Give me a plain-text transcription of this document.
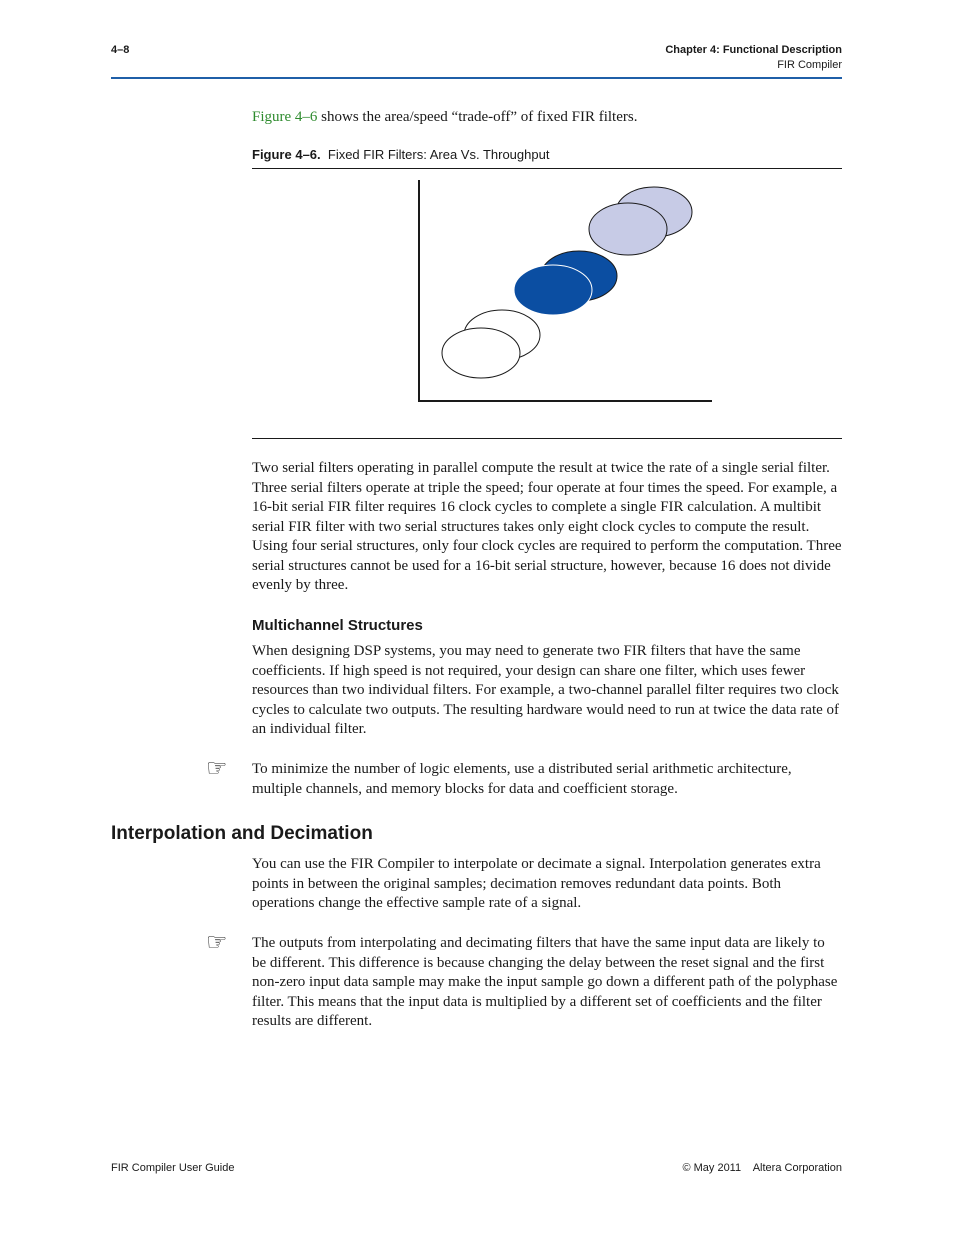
4–8	Chapter 4: Functional Description
FIR Compiler
Figure 4–6 shows the area/speed “trade-off” of fixed FIR filters.
Figure 4–6. Fixed FIR Filters: Area Vs. Throughput
Two serial filters operating in parallel compute the result at twice the rate of a single serial filter. Three serial filters operate at triple the speed; four operate at four times the speed. For example, a 16-bit serial FIR filter requires 16 clock cycles to complete a single FIR calculation. A multibit serial FIR filter with two serial structures takes only eight clock cycles to compute the result. Using four serial structures, only four clock cycles are required to perform the computation. Three serial structures cannot be used for a 16-bit serial structure, however, because 16 does not divide evenly by three.
Multichannel Structures
When designing DSP systems, you may need to generate two FIR filters that have the same coefficients. If high speed is not required, your design can share one filter, which uses fewer resources than two individual filters. For example, a two-channel parallel filter requires two clock cycles to calculate two outputs. The resulting hardware would need to run at twice the data rate of an individual filter.
☞ To minimize the number of logic elements, use a distributed serial arithmetic architecture, multiple channels, and memory blocks for data and coefficient storage.
Interpolation and Decimation
You can use the FIR Compiler to interpolate or decimate a signal. Interpolation generates extra points in between the original samples; decimation removes redundant data points. Both operations change the effective sample rate of a signal.
☞ The outputs from interpolating and decimating filters that have the same input data are likely to be different. This difference is because changing the delay between the reset signal and the first non-zero input data sample may make the input sample go down a different path of the polyphase filter. This means that the input data is multiplied by a different set of coefficients and the filter results are different.
FIR Compiler User Guide	© May 2011    Altera Corporation
